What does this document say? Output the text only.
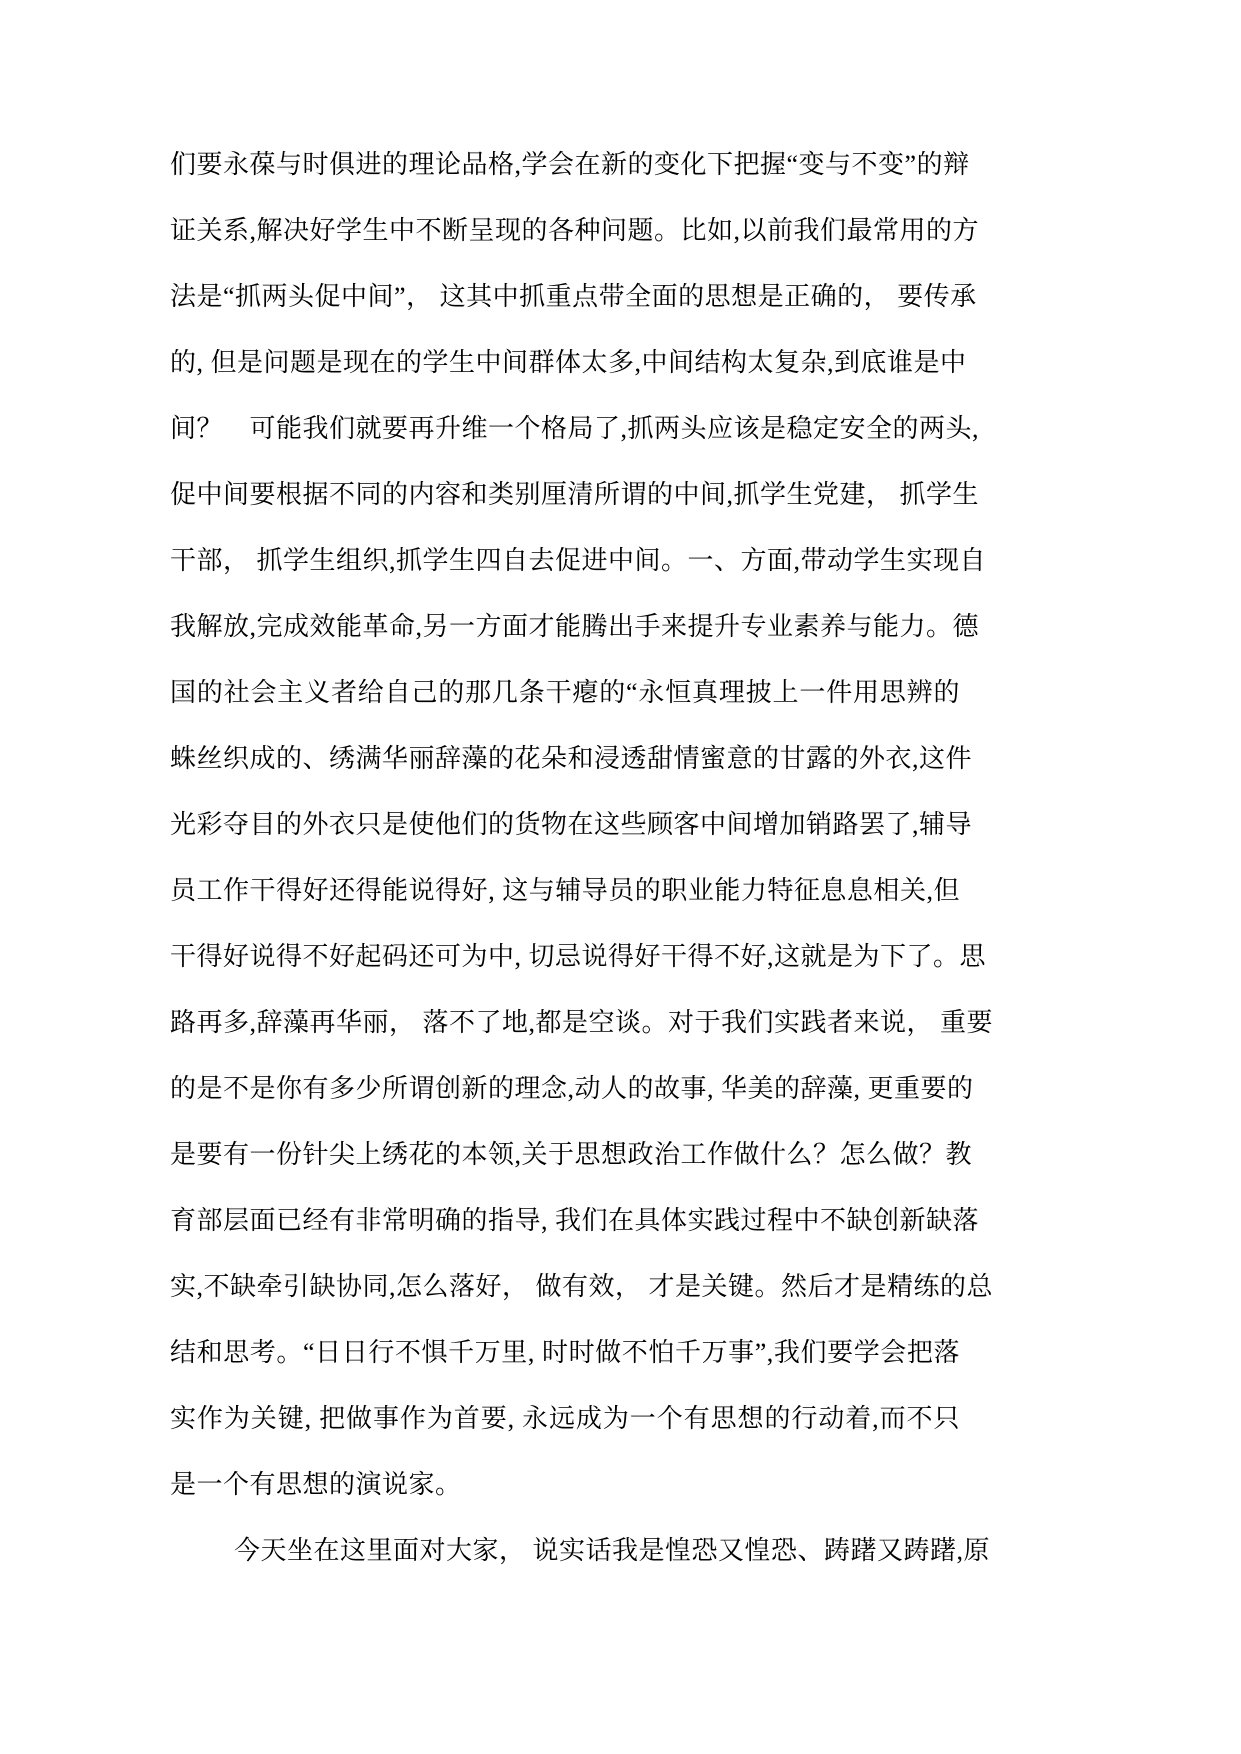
们要永葆与时俱进的理论品格,学会在新的变化下把握“变与不变”的辩
证关系,解决好学生中不断呈现的各种问题。比如,以前我们最常用的方
法是“抓两头促中间”， 这其中抓重点带全面的思想是正确的， 要传承
的, 但是问题是现在的学生中间群体太多,中间结构太复杂,到底谁是中
间？　可能我们就要再升维一个格局了,抓两头应该是稳定安全的两头,
促中间要根据不同的内容和类别厘清所谓的中间,抓学生党建， 抓学生
干部， 抓学生组织,抓学生四自去促进中间。一、方面,带动学生实现自
我解放,完成效能革命,另一方面才能腾出手来提升专业素养与能力。德
国的社会主义者给自己的那几条干瘪的“永恒真理披上一件用思辨的
蛛丝织成的、绣满华丽辞藻的花朵和浸透甜情蜜意的甘露的外衣,这件
光彩夺目的外衣只是使他们的货物在这些顾客中间增加销路罢了,辅导
员工作干得好还得能说得好, 这与辅导员的职业能力特征息息相关,但
干得好说得不好起码还可为中, 切忌说得好干得不好,这就是为下了。思
路再多,辞藻再华丽， 落不了地,都是空谈。对于我们实践者来说， 重要
的是不是你有多少所谓创新的理念,动人的故事, 华美的辞藻, 更重要的
是要有一份针尖上绣花的本领,关于思想政治工作做什么？怎么做？教
育部层面已经有非常明确的指导, 我们在具体实践过程中不缺创新缺落
实,不缺牵引缺协同,怎么落好， 做有效， 才是关键。然后才是精练的总
结和思考。“日日行不惧千万里, 时时做不怕千万事”,我们要学会把落
实作为关键, 把做事作为首要, 永远成为一个有思想的行动着,而不只
是一个有思想的演说家。
今天坐在这里面对大家， 说实话我是惶恐又惶恐、踌躇又踌躇,原
